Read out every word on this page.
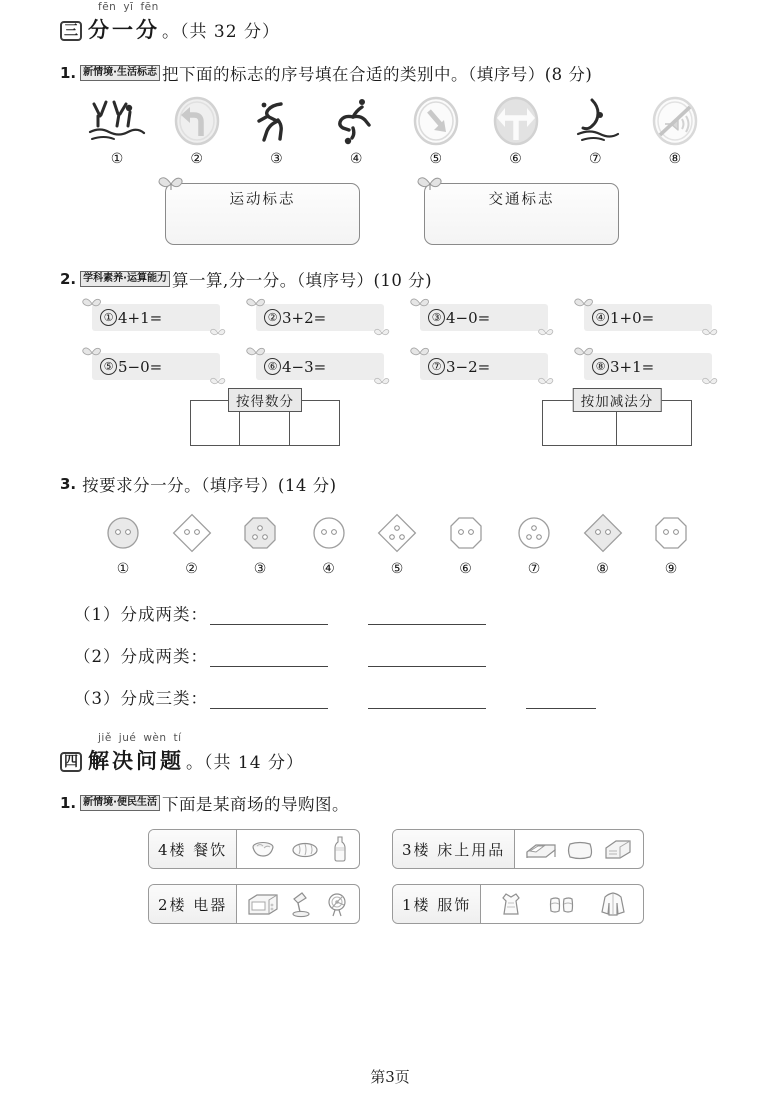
fēn yī fēn
三 分一分 。（共 32 分）
1. 新情境·生活标志 把下面的标志的序号填在合适的类别中。（填序号）(8 分)
①	②	③	④	⑤	⑥	⑦	⑧
运动标志	交通标志
2. 学科素养·运算能力 算一算,分一分。（填序号）(10 分)
① 4+1=	② 3+2=	③ 4−0=	④ 1+0=
⑤ 5−0=	⑥ 4−3=	⑦ 3−2=	⑧ 3+1=
按得数分	按加减法分
3. 按要求分一分。（填序号）(14 分)
①	②	③	④	⑤	⑥	⑦	⑧	⑨
（1）分成两类：
（2）分成两类：
（3）分成三类：
jiě jué wèn tí
四 解决问题 。（共 14 分）
1. 新情境·便民生活 下面是某商场的导购图。
4楼 餐饮	3楼 床上用品
2楼 电器	1楼 服饰
第3页
